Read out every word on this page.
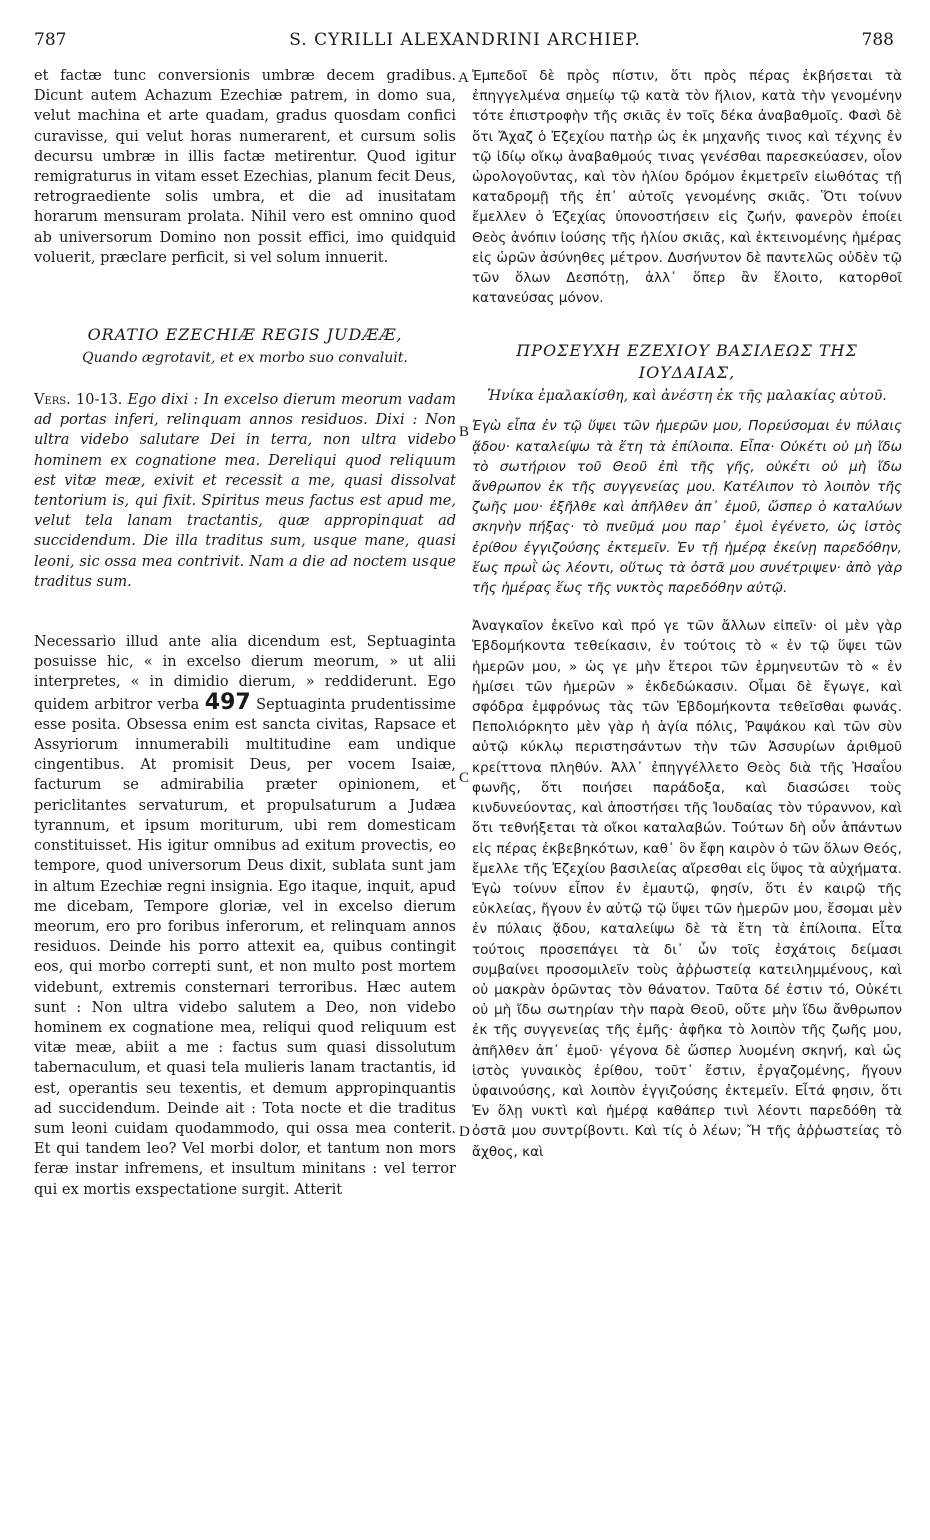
787	S. CYRILLI ALEXANDRINI ARCHIEP.	788
A
B
C
D

et factæ tunc conversionis umbræ decem gradibus. Dicunt autem Achazum Ezechiæ patrem, in domo sua, velut machina et arte quadam, gradus quosdam confici curavisse, qui velut horas numerarent, et cursum solis decursu umbræ in illis factæ metirentur. Quod igitur remigraturus in vitam esset Ezechias, planum fecit Deus, retrograediente solis umbra, et die ad inusitatam horarum mensuram prolata. Nihil vero est omnino quod ab universorum Domino non possit effici, imo quidquid voluerit, præclare perficit, si vel solum innuerit.

ORATIO EZECHIÆ REGIS JUDÆÆ,

Quando ægrotavit, et ex morbo suo convaluit.

Vers. 10-13. Ego dixi : In excelso dierum meorum vadam ad portas inferi, relinquam annos residuos. Dixi : Non ultra videbo salutare Dei in terra, non ultra videbo hominem ex cognatione mea. Dereliqui quod reliquum est vitæ meæ, exivit et recessit a me, quasi dissolvat tentorium is, qui fixit. Spiritus meus factus est apud me, velut tela lanam tractantis, quæ appropinquat ad succidendum. Die illa traditus sum, usque mane, quasi leoni, sic ossa mea contrivit. Nam a die ad noctem usque traditus sum.

Necessario illud ante alia dicendum est, Septuaginta posuisse hic, « in excelso dierum meorum, » ut alii interpretes, « in dimidio dierum, » reddiderunt. Ego quidem arbitror verba 497 Septuaginta prudentissime esse posita. Obsessa enim est sancta civitas, Rapsace et Assyriorum innumerabili multitudine eam undique cingentibus. At promisit Deus, per vocem Isaiæ, facturum se admirabilia præter opinionem, et periclitantes servaturum, et propulsaturum a Judæa tyrannum, et ipsum moriturum, ubi rem domesticam constituisset. His igitur omnibus ad exitum provectis, eo tempore, quod universorum Deus dixit, sublata sunt jam in altum Ezechiæ regni insignia. Ego itaque, inquit, apud me dicebam, Tempore gloriæ, vel in excelso dierum meorum, ero pro foribus inferorum, et relinquam annos residuos. Deinde his porro attexit ea, quibus contingit eos, qui morbo correpti sunt, et non multo post mortem videbunt, extremis consternari terroribus. Hæc autem sunt : Non ultra videbo salutem a Deo, non videbo hominem ex cognatione mea, reliqui quod reliquum est vitæ meæ, abiit a me : factus sum quasi dissolutum tabernaculum, et quasi tela mulieris lanam tractantis, id est, operantis seu texentis, et demum appropinquantis ad succidendum. Deinde ait : Tota nocte et die traditus sum leoni cuidam quodammodo, qui ossa mea conterit. Et qui tandem leo? Vel morbi dolor, et tantum non mors feræ instar infremens, et insultum minitans : vel terror qui ex mortis exspectatione surgit. Atterit

Ἐμπεδοῖ δὲ πρὸς πίστιν, ὅτι πρὸς πέρας ἐκβήσεται τὰ ἐπηγγελμένα σημείῳ τῷ κατὰ τὸν ἥλιον, κατὰ τὴν γενομένην τότε ἐπιστροφὴν τῆς σκιᾶς ἐν τοῖς δέκα ἀναβαθμοῖς. Φασὶ δὲ ὅτι Ἄχαζ ὁ Ἐζεχίου πατὴρ ὡς ἐκ μηχανῆς τινος καὶ τέχνης ἐν τῷ ἰδίῳ οἴκῳ ἀναβαθμούς τινας γενέσθαι παρεσκεύασεν, οἷον ὡρολογοῦντας, καὶ τὸν ἡλίου δρόμον ἐκμετρεῖν εἰωθότας τῇ καταδρομῇ τῆς ἐπ᾽ αὐτοῖς γενομένης σκιᾶς. Ὅτι τοίνυν ἔμελλεν ὁ Ἐζεχίας ὑπονοστήσειν εἰς ζωήν, φανερὸν ἐποίει Θεὸς ἀνόπιν ἰούσης τῆς ἡλίου σκιᾶς, καὶ ἐκτεινομένης ἡμέρας εἰς ὡρῶν ἀσύνηθες μέτρον. Δυσήνυτον δὲ παντελῶς οὐδὲν τῷ τῶν ὅλων Δεσπότῃ, ἀλλ᾽ ὅπερ ἂν ἕλοιτο, κατορθοῖ κατανεύσας μόνον.

ΠΡΟΣΕΥΧΗ ΕΖΕΧΙΟΥ ΒΑΣΙΛΕΩΣ ΤΗΣ ΙΟΥΔΑΙΑΣ,

Ἡνίκα ἐμαλακίσθη, καὶ ἀνέστη ἐκ τῆς μαλακίας αὐτοῦ.

Ἐγὼ εἶπα ἐν τῷ ὕψει τῶν ἡμερῶν μου, Πορεύσομαι ἐν πύλαις ᾅδου· καταλείψω τὰ ἔτη τὰ ἐπίλοιπα. Εἶπα· Οὐκέτι οὐ μὴ ἴδω τὸ σωτήριον τοῦ Θεοῦ ἐπὶ τῆς γῆς, οὐκέτι οὐ μὴ ἴδω ἄνθρωπον ἐκ τῆς συγγενείας μου. Κατέλιπον τὸ λοιπὸν τῆς ζωῆς μου· ἐξῆλθε καὶ ἀπῆλθεν ἀπ᾽ ἐμοῦ, ὥσπερ ὁ καταλύων σκηνὴν πήξας· τὸ πνεῦμά μου παρ᾽ ἐμοὶ ἐγένετο, ὡς ἱστὸς ἐρίθου ἐγγιζούσης ἐκτεμεῖν. Ἐν τῇ ἡμέρᾳ ἐκείνῃ παρεδόθην, ἕως πρωῒ ὡς λέοντι, οὕτως τὰ ὀστᾶ μου συνέτριψεν· ἀπὸ γὰρ τῆς ἡμέρας ἕως τῆς νυκτὸς παρεδόθην αὐτῷ.

Ἀναγκαῖον ἐκεῖνο καὶ πρό γε τῶν ἄλλων εἰπεῖν· οἱ μὲν γὰρ Ἑβδομήκοντα τεθείκασιν, ἐν τούτοις τὸ « ἐν τῷ ὕψει τῶν ἡμερῶν μου, » ὡς γε μὴν ἕτεροι τῶν ἑρμηνευτῶν τὸ « ἐν ἡμίσει τῶν ἡμερῶν » ἐκδεδώκασιν. Οἶμαι δὲ ἔγωγε, καὶ σφόδρα ἐμφρόνως τὰς τῶν Ἑβδομήκοντα τεθεῖσθαι φωνάς. Πεπολιόρκητο μὲν γὰρ ἡ ἁγία πόλις, Ῥαψάκου καὶ τῶν σὺν αὐτῷ κύκλῳ περιστησάντων τὴν τῶν Ἀσσυρίων ἀριθμοῦ κρείττονα πληθύν. Ἀλλ᾽ ἐπηγγέλλετο Θεὸς διὰ τῆς Ἡσαΐου φωνῆς, ὅτι ποιήσει παράδοξα, καὶ διασώσει τοὺς κινδυνεύοντας, καὶ ἀποστήσει τῆς Ἰουδαίας τὸν τύραννον, καὶ ὅτι τεθνήξεται τὰ οἴκοι καταλαβών. Τούτων δὴ οὖν ἁπάντων εἰς πέρας ἐκβεβηκότων, καθ᾽ ὃν ἔφη καιρὸν ὁ τῶν ὅλων Θεός, ἔμελλε τῆς Ἐζεχίου βασιλείας αἴρεσθαι εἰς ὕψος τὰ αὐχήματα. Ἐγὼ τοίνυν εἶπον ἐν ἐμαυτῷ, φησίν, ὅτι ἐν καιρῷ τῆς εὐκλείας, ἤγουν ἐν αὐτῷ τῷ ὕψει τῶν ἡμερῶν μου, ἔσομαι μὲν ἐν πύλαις ᾅδου, καταλείψω δὲ τὰ ἔτη τὰ ἐπίλοιπα. Εἶτα τούτοις προσεπάγει τὰ δι᾽ ὧν τοῖς ἐσχάτοις δείμασι συμβαίνει προσομιλεῖν τοὺς ἀῤῥωστείᾳ κατειλημμένους, καὶ οὐ μακρὰν ὁρῶντας τὸν θάνατον. Ταῦτα δέ ἐστιν τό, Οὐκέτι οὐ μὴ ἴδω σωτηρίαν τὴν παρὰ Θεοῦ, οὔτε μὴν ἴδω ἄνθρωπον ἐκ τῆς συγγενείας τῆς ἐμῆς· ἀφῆκα τὸ λοιπὸν τῆς ζωῆς μου, ἀπῆλθεν ἀπ᾽ ἐμοῦ· γέγονα δὲ ὥσπερ λυομένη σκηνή, καὶ ὡς ἱστὸς γυναικὸς ἐρίθου, τοῦτ᾽ ἔστιν, ἐργαζομένης, ἤγουν ὑφαινούσης, καὶ λοιπὸν ἐγγιζούσης ἐκτεμεῖν. Εἶτά φησιν, ὅτι Ἐν ὅλῃ νυκτὶ καὶ ἡμέρᾳ καθάπερ τινὶ λέοντι παρεδόθη τὰ ὀστᾶ μου συντρίβοντι. Καὶ τίς ὁ λέων; Ἤ τῆς ἀῤῥωστείας τὸ ἄχθος, καὶ
